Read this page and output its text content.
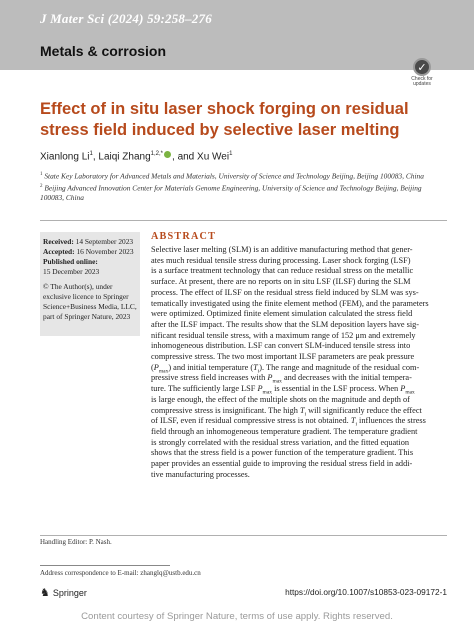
J Mater Sci (2024) 59:258–276
Metals & corrosion
✓
Check for updates
Effect of in situ laser shock forging on residual stress field induced by selective laser melting
Xianlong Li$^1$, Laiqi Zhang$^{1,2,*}$ , and Xu Wei$^1$
$^1$ State Key Laboratory for Advanced Metals and Materials, University of Science and Technology Beijing, Beijing 100083, China
$^2$ Beijing Advanced Innovation Center for Materials Genome Engineering, University of Science and Technology Beijing, Beijing 100083, China
Received: 14 September 2023
Accepted: 16 November 2023
Published online:
15 December 2023
© The Author(s), under exclusive licence to Springer Science+Business Media, LLC, part of Springer Nature, 2023
ABSTRACT
Selective laser melting (SLM) is an additive manufacturing method that gener-
ates much residual tensile stress during processing. Laser shock forging (LSF)
is a surface treatment technology that can reduce residual stress on the metallic
surface. At present, there are no reports on in situ LSF (ILSF) during the SLM
process. The effect of ILSF on the residual stress field induced by SLM was sys-
tematically investigated using the finite element method (FEM), and the parameters
were optimized. Optimized finite element simulation calculated the stress field
after the ILSF impact. The results show that the SLM deposition layers have sig-
nificant residual tensile stress, with a maximum range of 152 μm and extremely
inhomogeneous distribution. LSF can convert SLM-induced tensile stress into
compressive stress. The two most important ILSF parameters are peak pressure
$(P_{max})$ and initial temperature $(T_i)$. The range and magnitude of the residual com-
pressive stress field increases with $P_{max}$ and decreases with the initial tempera-
ture. The sufficiently large LSF $P_{max}$ is essential in the LSF process. When $P_{max}$
is large enough, the effect of the multiple shots on the magnitude and depth of
compressive stress is insignificant. The high $T_i$ will significantly reduce the effect
of ILSF, even if residual compressive stress is not obtained. $T_i$ influences the stress
field through an inhomogeneous temperature gradient. The temperature gradient
is strongly correlated with the residual stress variation, and the fitted equation
shows that the stress field is a power function of the temperature gradient. This
paper provides an essential guide to improving the residual stress field in addi-
tive manufacturing processes.
Handling Editor: P. Nash.
Address correspondence to E-mail: zhanglq@ustb.edu.cn
♞ Springer	https://doi.org/10.1007/s10853-023-09172-1
Content courtesy of Springer Nature, terms of use apply. Rights reserved.
